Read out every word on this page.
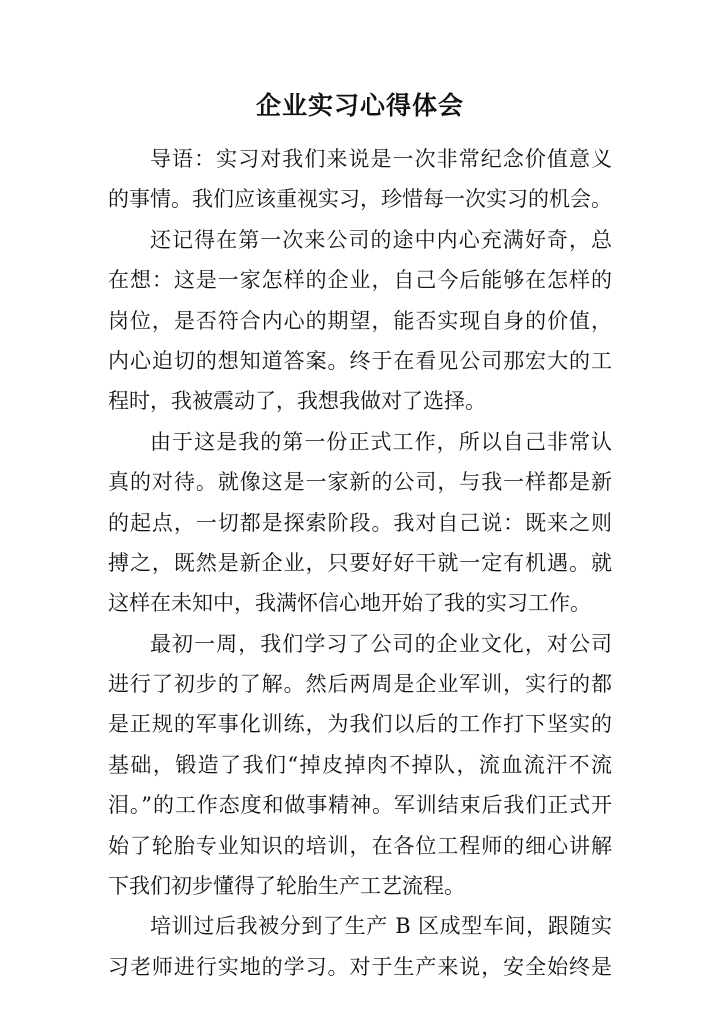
企业实习心得体会
导语：实习对我们来说是一次非常纪念价值意义
的事情。我们应该重视实习，珍惜每一次实习的机会。
还记得在第一次来公司的途中内心充满好奇，总
在想：这是一家怎样的企业，自己今后能够在怎样的
岗位，是否符合内心的期望，能否实现自身的价值，
内心迫切的想知道答案。终于在看见公司那宏大的工
程时，我被震动了，我想我做对了选择。
由于这是我的第一份正式工作，所以自己非常认
真的对待。就像这是一家新的公司，与我一样都是新
的起点，一切都是探索阶段。我对自己说：既来之则
搏之，既然是新企业，只要好好干就一定有机遇。就
这样在未知中，我满怀信心地开始了我的实习工作。
最初一周，我们学习了公司的企业文化，对公司
进行了初步的了解。然后两周是企业军训，实行的都
是正规的军事化训练，为我们以后的工作打下坚实的
基础，锻造了我们“掉皮掉肉不掉队，流血流汗不流
泪。”的工作态度和做事精神。军训结束后我们正式开
始了轮胎专业知识的培训，在各位工程师的细心讲解
下我们初步懂得了轮胎生产工艺流程。
培训过后我被分到了生产 B 区成型车间，跟随实
习老师进行实地的学习。对于生产来说，安全始终是
